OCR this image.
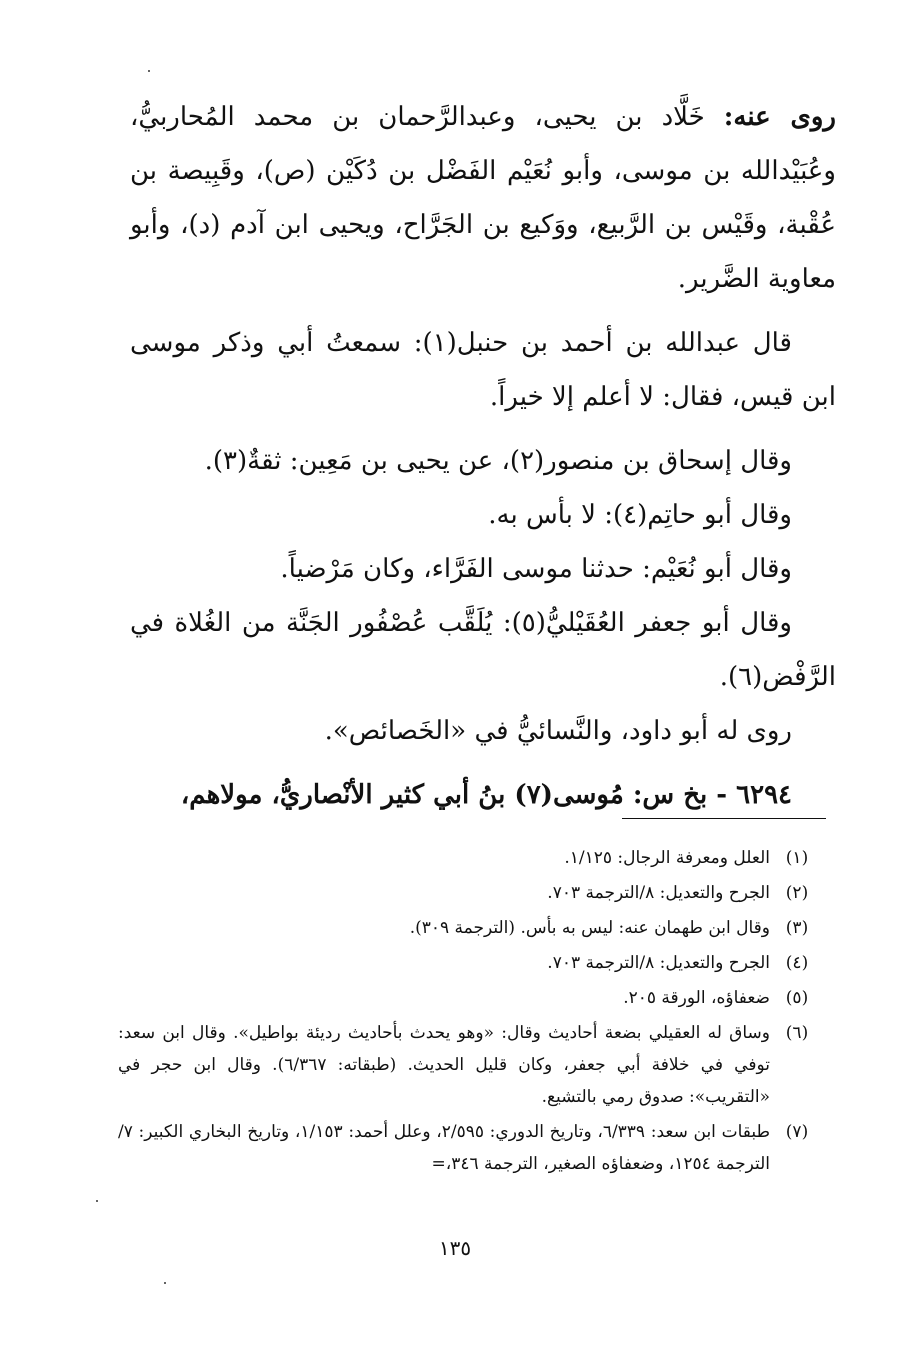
روى عنه: خَلَّاد بن يحيى، وعبدالرَّحمان بن محمد المُحاربيُّ، وعُبَيْدالله بن موسى، وأبو نُعَيْم الفَضْل بن دُكَيْن (ص)، وقَبِيصة بن عُقْبة، وقَيْس بن الرَّبيع، ووَكيع بن الجَرَّاح، ويحيى ابن آدم (د)، وأبو معاوية الضَّرير.

قال عبدالله بن أحمد بن حنبل(١): سمعتُ أبي وذكر موسى ابن قيس، فقال: لا أعلم إلا خيراً.

وقال إسحاق بن منصور(٢)، عن يحيى بن مَعِين: ثقةٌ(٣).

وقال أبو حاتِم(٤): لا بأس به.

وقال أبو نُعَيْم: حدثنا موسى الفَرَّاء، وكان مَرْضياً.

وقال أبو جعفر العُقَيْليُّ(٥): يُلَقَّب عُصْفُور الجَنَّة من الغُلاة في الرَّفْض(٦).

روى له أبو داود، والنَّسائيُّ في «الخَصائص».

٦٢٩٤ - بخ س: مُوسى(٧) بنُ أبي كثير الأنْصاريُّ، مولاهم،

(١)
العلل ومعرفة الرجال: ١/١٢٥.
(٢)
الجرح والتعديل: ٨/الترجمة ٧٠٣.
(٣)
وقال ابن طهمان عنه: ليس به بأس. (الترجمة ٣٠٩).
(٤)
الجرح والتعديل: ٨/الترجمة ٧٠٣.
(٥)
ضعفاؤه، الورقة ٢٠٥.
(٦)
وساق له العقيلي بضعة أحاديث وقال: «وهو يحدث بأحاديث رديئة بواطيل». وقال ابن سعد: توفي في خلافة أبي جعفر، وكان قليل الحديث. (طبقاته: ٦/٣٦٧). وقال ابن حجر في «التقريب»: صدوق رمي بالتشيع.
(٧)
طبقات ابن سعد: ٦/٣٣٩، وتاريخ الدوري: ٢/٥٩٥، وعلل أحمد: ١/١٥٣، وتاريخ البخاري الكبير: ٧/الترجمة ١٢٥٤، وضعفاؤه الصغير، الترجمة ٣٤٦،=
١٣٥
